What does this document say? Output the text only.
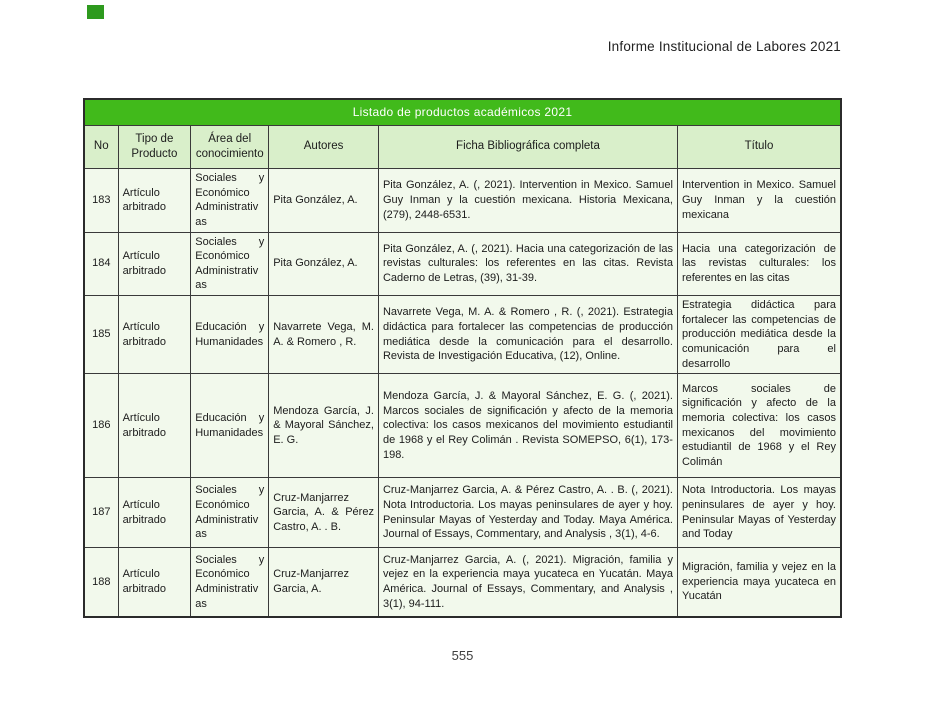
Informe Institucional de Labores 2021
Listado de productos académicos 2021					
No	Tipo de Producto	Área del conocimiento	Autores	Ficha Bibliográfica completa	Título
183	Artículo arbitrado	Sociales y Económico Administrativas	Pita González, A.	Pita González, A. (, 2021). Intervention in Mexico. Samuel Guy Inman y la cuestión mexicana. Historia Mexicana, (279), 2448-6531.	Intervention in Mexico. Samuel Guy Inman y la cuestión mexicana
184	Artículo arbitrado	Sociales y Económico Administrativas	Pita González, A.	Pita González, A. (, 2021). Hacia una categorización de las revistas culturales: los referentes en las citas. Revista Caderno de Letras, (39), 31-39.	Hacia una categorización de las revistas culturales: los referentes en las citas
185	Artículo arbitrado	Educación y Humanidades	Navarrete Vega, M. A. & Romero , R.	Navarrete Vega, M. A. & Romero , R. (, 2021). Estrategia didáctica para fortalecer las competencias de producción mediática desde la comunicación para el desarrollo. Revista de Investigación Educativa, (12), Online.	Estrategia didáctica para fortalecer las competencias de producción mediática desde la comunicación para el desarrollo
186	Artículo arbitrado	Educación y Humanidades	Mendoza García, J. & Mayoral Sánchez, E. G.	Mendoza García, J. & Mayoral Sánchez, E. G. (, 2021). Marcos sociales de significación y afecto de la memoria colectiva: los casos mexicanos del movimiento estudiantil de 1968 y el Rey Colimán . Revista SOMEPSO, 6(1), 173-198.	Marcos sociales de significación y afecto de la memoria colectiva: los casos mexicanos del movimiento estudiantil de 1968 y el Rey Colimán
187	Artículo arbitrado	Sociales y Económico Administrativas	Cruz-Manjarrez Garcia, A. & Pérez Castro, A. . B.	Cruz-Manjarrez Garcia, A. & Pérez Castro, A. . B. (, 2021). Nota Introductoria. Los mayas peninsulares de ayer y hoy. Peninsular Mayas of Yesterday and Today. Maya América. Journal of Essays, Commentary, and Analysis , 3(1), 4-6.	Nota Introductoria. Los mayas peninsulares de ayer y hoy. Peninsular Mayas of Yesterday and Today
188	Artículo arbitrado	Sociales y Económico Administrativas	Cruz-Manjarrez Garcia, A.	Cruz-Manjarrez Garcia, A. (, 2021). Migración, familia y vejez en la experiencia maya yucateca en Yucatán. Maya América. Journal of Essays, Commentary, and Analysis , 3(1), 94-111.	Migración, familia y vejez en la experiencia maya yucateca en Yucatán
555
